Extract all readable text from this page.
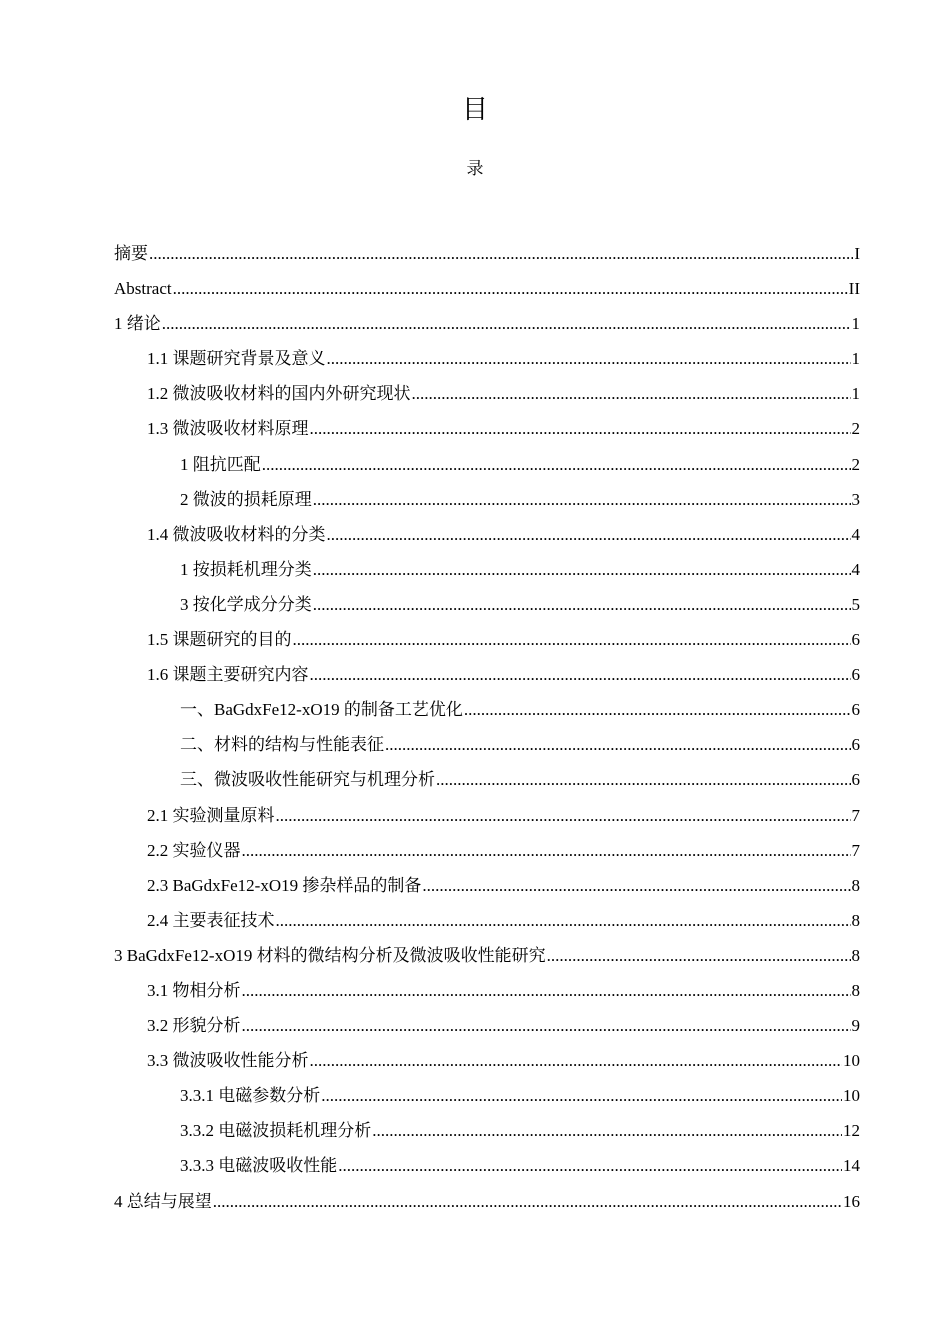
目
录
摘要 .....	I
Abstract .....	II
1 绪论 .....	1
1.1 课题研究背景及意义 .....	1
1.2 微波吸收材料的国内外研究现状 .....	1
1.3 微波吸收材料原理 .....	2
1 阻抗匹配 .....	2
2 微波的损耗原理 .....	3
1.4 微波吸收材料的分类 .....	4
1 按损耗机理分类 .....	4
3 按化学成分分类 .....	5
1.5 课题研究的目的 .....	6
1.6 课题主要研究内容 .....	6
一、BaGdxFe12-xO19 的制备工艺优化 .....	6
二、材料的结构与性能表征 .....	6
三、微波吸收性能研究与机理分析 .....	6
2.1 实验测量原料 .....	7
2.2 实验仪器 .....	7
2.3 BaGdxFe12-xO19 掺杂样品的制备 .....	8
2.4 主要表征技术 .....	8
3 BaGdxFe12-xO19 材料的微结构分析及微波吸收性能研究 .....	8
3.1 物相分析 .....	8
3.2 形貌分析 .....	9
3.3 微波吸收性能分析 .....	10
3.3.1 电磁参数分析 .....	10
3.3.2 电磁波损耗机理分析 .....	12
3.3.3 电磁波吸收性能 .....	14
4 总结与展望 .....	16
